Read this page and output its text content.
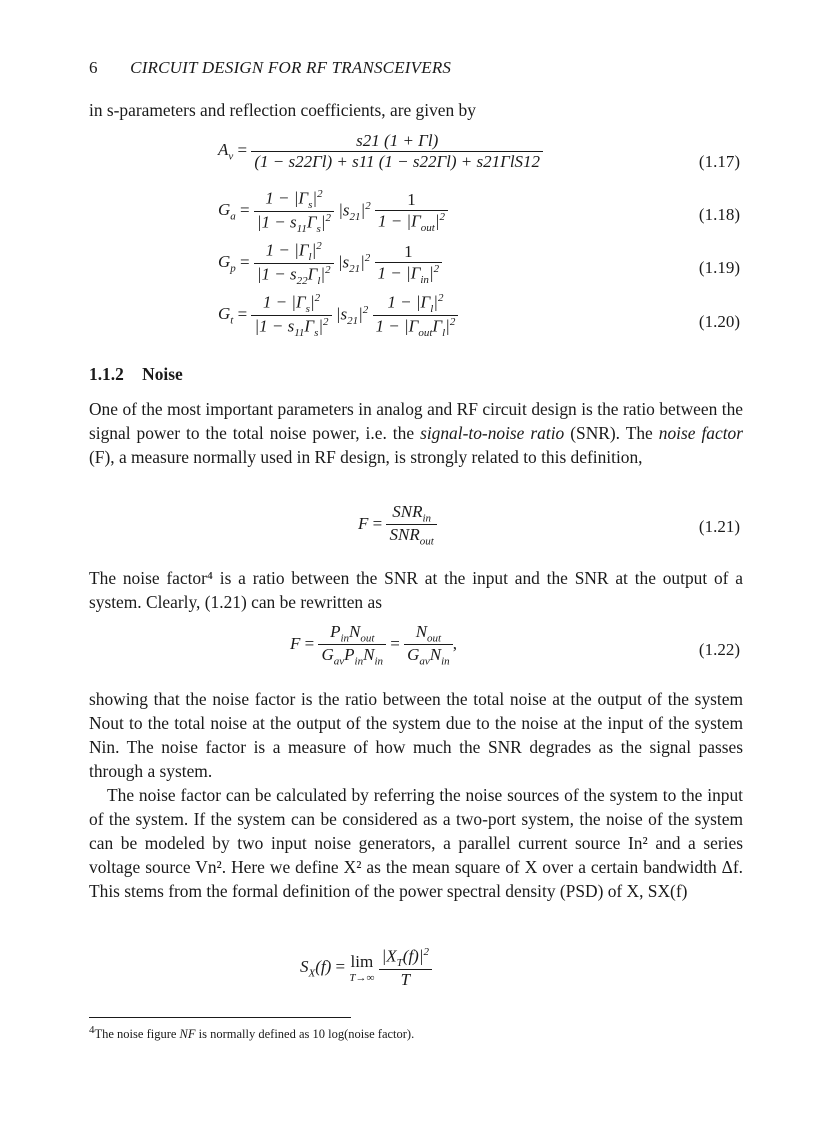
6 CIRCUIT DESIGN FOR RF TRANSCEIVERS
in s-parameters and reflection coefficients, are given by
$A_v = \frac{s21 (1 + \Gamma l)}{\text{(1 − s22Γl) + s11 (1 − s22Γl) + s21ΓlS12}}$	(1.17)
$G_a = \frac{1 - |\Gamma_s|^2}{|1 - s_{11}\Gamma_s|^2} |s_{21}|^2 \frac{1}{1 - |\Gamma_{out}|^2}$	(1.18)
$G_p = \frac{1 - |\Gamma_l|^2}{|1 - s_{22}\Gamma_l|^2} |s_{21}|^2 \frac{1}{1 - |\Gamma_{in}|^2}$	(1.19)
$G_t = \frac{1 - |\Gamma_s|^2}{|1 - s_{11}\Gamma_s|^2} |s_{21}|^2 \frac{1 - |\Gamma_l|^2}{1 - |\Gamma_{out}\Gamma_l|^2}$	(1.20)
1.1.2 Noise
One of the most important parameters in analog and RF circuit design is the ratio between the signal power to the total noise power, i.e. the signal-to-noise ratio (SNR). The noise factor (F), a measure normally used in RF design, is strongly related to this definition,
$F = \frac{SNR_{in}}{SNR_{out}}$	(1.21)
The noise factor⁴ is a ratio between the SNR at the input and the SNR at the output of a system. Clearly, (1.21) can be rewritten as
$F = \frac{P_{in}N_{out}}{G_{av}P_{in}N_{in}} = \frac{N_{out}}{G_{av}N_{in}}$ ,	(1.22)
showing that the noise factor is the ratio between the total noise at the output of the system Nout to the total noise at the output of the system due to the noise at the input of the system Nin. The noise factor is a measure of how much the SNR degrades as the signal passes through a system.
The noise factor can be calculated by referring the noise sources of the system to the input of the system. If the system can be considered as a two-port system, the noise of the system can be modeled by two input noise generators, a parallel current source In² and a series voltage source Vn². Here we define X² as the mean square of X over a certain bandwidth Δf. This stems from the formal definition of the power spectral density (PSD) of X, SX(f)
$S_X(f) = \lim$
T→∞
$\frac{|X_T(f)|^2}{T}$
$^4$The noise figure NF is normally defined as 10 log(noise factor).
